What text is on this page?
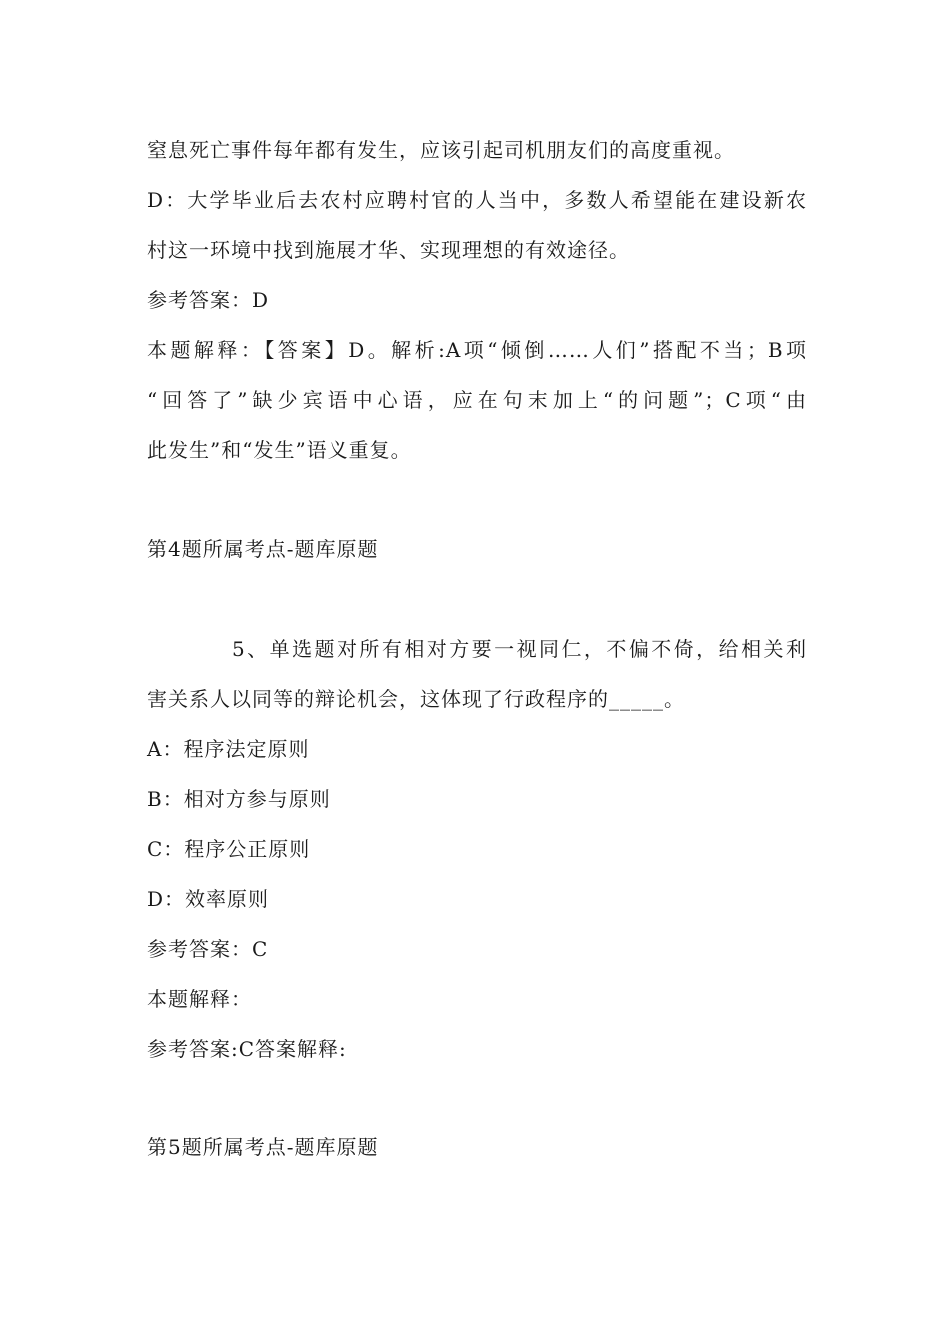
窒息死亡事件每年都有发生，应该引起司机朋友们的高度重视。
D：大学毕业后去农村应聘村官的人当中，多数人希望能在建设新农
村这一环境中找到施展才华、实现理想的有效途径。
参考答案：D
本题解释：【答案】D。解析:A项“倾倒……人们”搭配不当；B项
“回答了”缺少宾语中心语，应在句末加上“的问题”；C项“由
此发生”和“发生”语义重复。
第4题所属考点-题库原题
5、单选题对所有相对方要一视同仁，不偏不倚，给相关利
害关系人以同等的辩论机会，这体现了行政程序的_____。
A：程序法定原则
B：相对方参与原则
C：程序公正原则
D：效率原则
参考答案：C
本题解释：
参考答案:C答案解释:
第5题所属考点-题库原题
